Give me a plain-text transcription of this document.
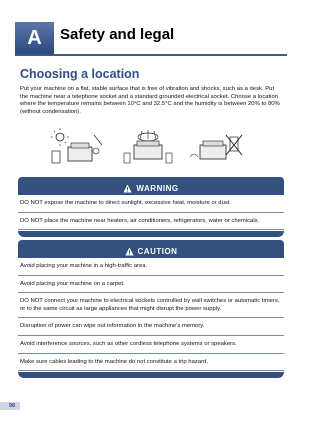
A Safety and legal
Choosing a location

Put your machine on a flat, stable surface that is free of vibration and shocks, such as a desk. Put the machine near a telephone socket and a standard grounded electrical socket. Choose a location where the temperature remains between 10°C and 32.5°C and the humidity is between 20% to 80% (without condensation).

WARNING
DO NOT expose the machine to direct sunlight, excessive heat, moisture or dust.
DO NOT place the machine near heaters, air conditioners, refrigerators, water or chemicals.
CAUTION
Avoid placing your machine in a high-traffic area.
Avoid placing your machine on a carpet.
DO NOT connect your machine to electrical sockets controlled by wall switches or automatic timers, or to the same circuit as large appliances that might disrupt the power supply.
Disruption of power can wipe out information in the machine’s memory.
Avoid interference sources, such as other cordless telephone systems or speakers.
Make sure cables leading to the machine do not constitute a trip hazard.
98
